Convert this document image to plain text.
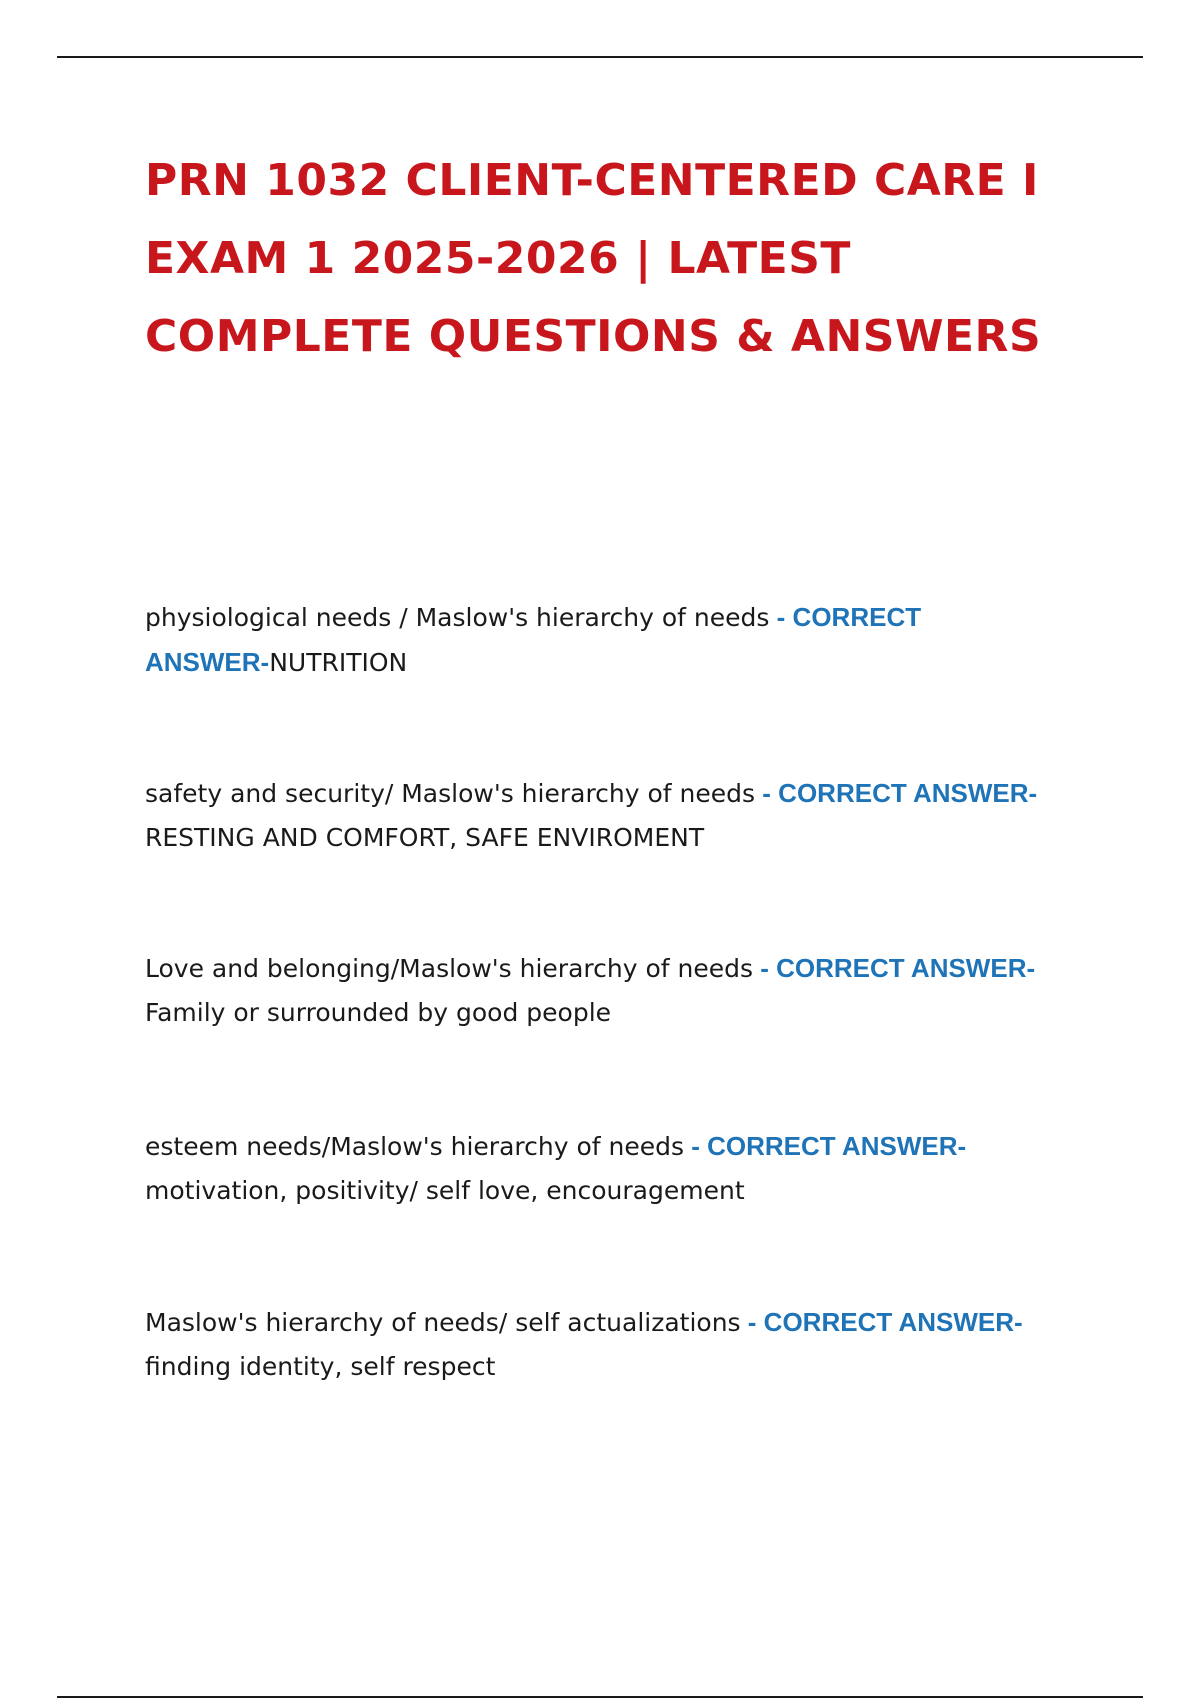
PRN 1032 CLIENT-CENTERED CARE I
EXAM 1 2025-2026 | LATEST
COMPLETE QUESTIONS & ANSWERS

physiological needs / Maslow's hierarchy of needs - CORRECT ANSWER-NUTRITION

safety and security/ Maslow's hierarchy of needs - CORRECT ANSWER-RESTING AND COMFORT, SAFE ENVIROMENT

Love and belonging/Maslow's hierarchy of needs - CORRECT ANSWER-Family or surrounded by good people

esteem needs/Maslow's hierarchy of needs - CORRECT ANSWER-motivation, positivity/ self love, encouragement

Maslow's hierarchy of needs/ self actualizations - CORRECT ANSWER-finding identity, self respect
